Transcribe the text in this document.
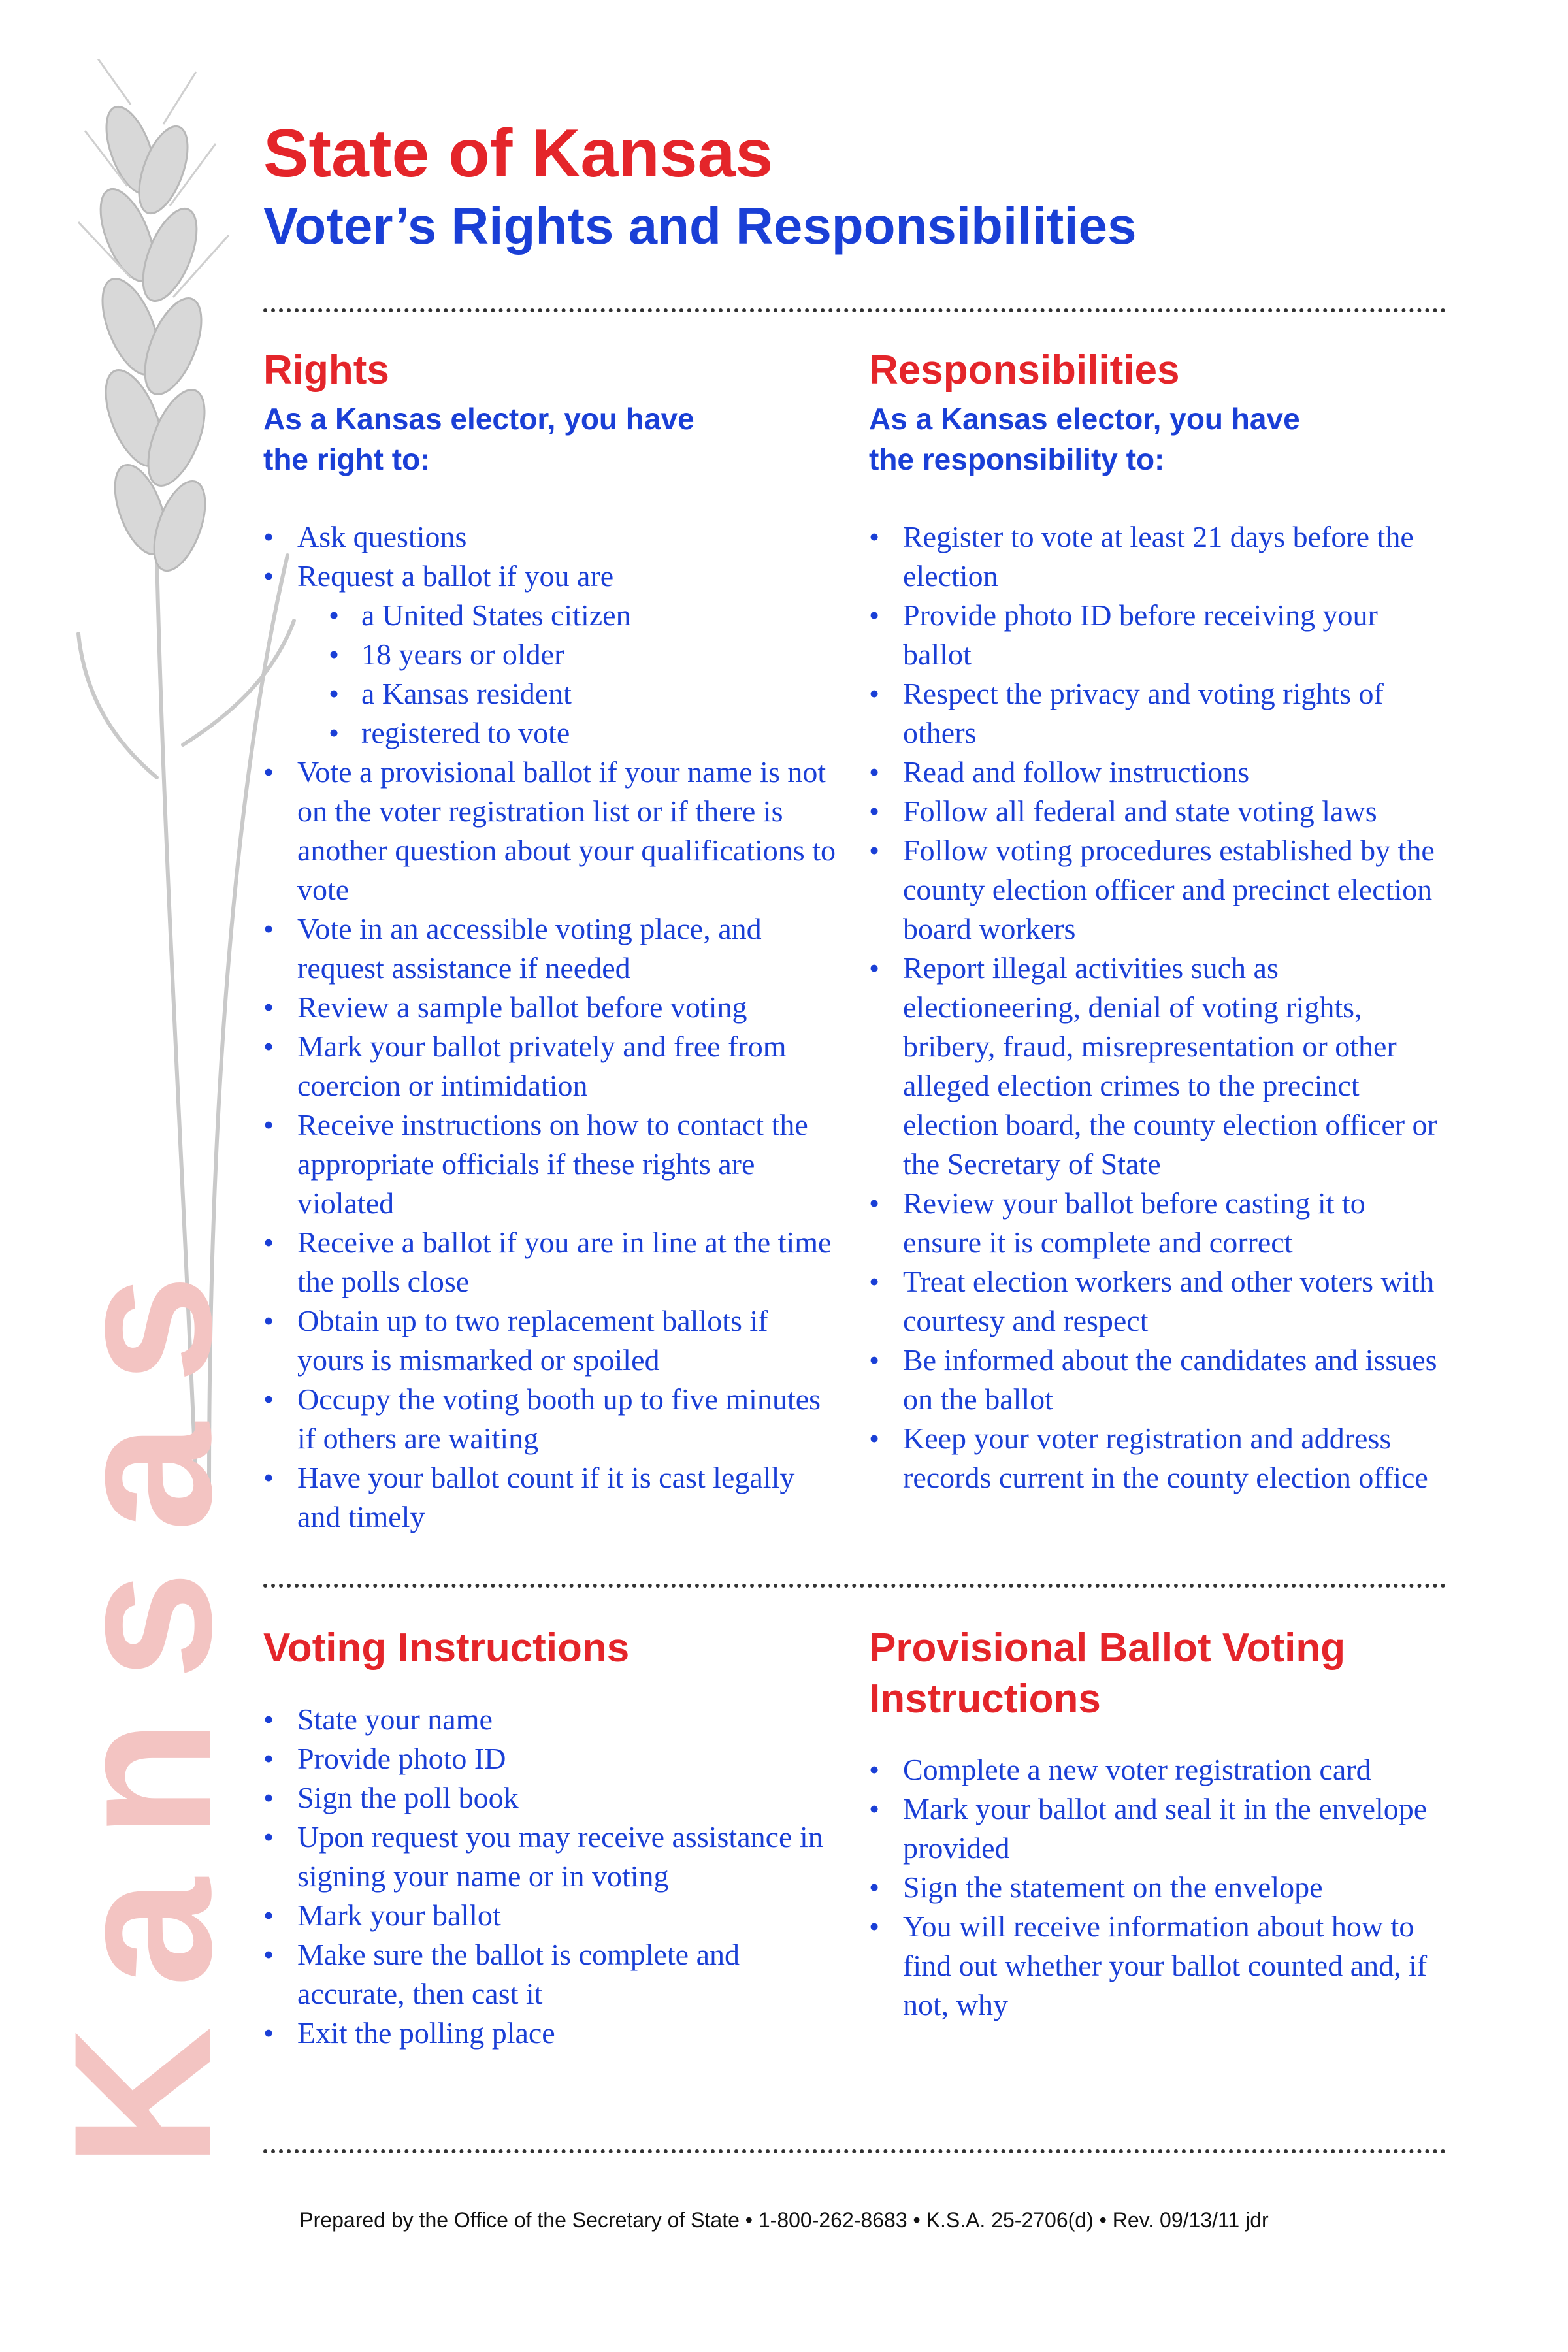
Kansas
State of Kansas
Voter’s Rights and Responsibilities
Rights
As a Kansas elector, you have
the right to:
• Ask questions
• Request a ballot if you are
• a United States citizen
• 18 years or older
• a Kansas resident
• registered to vote
• Vote a provisional ballot if your name is not on the voter registration list or if there is another question about your qualifications to vote
• Vote in an accessible voting place, and request assistance if needed
• Review a sample ballot before voting
• Mark your ballot privately and free from coercion or intimidation
• Receive instructions on how to contact the appropriate officials if these rights are violated
• Receive a ballot if you are in line at the time the polls close
• Obtain up to two replacement ballots if yours is mismarked or spoiled
• Occupy the voting booth up to five minutes if others are waiting
• Have your ballot count if it is cast legally and timely
Responsibilities
As a Kansas elector, you have
the responsibility to:
• Register to vote at least 21 days before the election
• Provide photo ID before receiving your ballot
• Respect the privacy and voting rights of others
• Read and follow instructions
• Follow all federal and state voting laws
• Follow voting procedures established by the county election officer and precinct election board workers
• Report illegal activities such as electioneering, denial of voting rights, bribery, fraud, misrepresentation or other alleged election crimes to the precinct election board, the county election officer or the Secretary of State
• Review your ballot before casting it to ensure it is complete and correct
• Treat election workers and other voters with courtesy and respect
• Be informed about the candidates and issues on the ballot
• Keep your voter registration and address records current in the county election office
Voting Instructions
• State your name
• Provide photo ID
• Sign the poll book
• Upon request you may receive assistance in signing your name or in voting
• Mark your ballot
• Make sure the ballot is complete and accurate, then cast it
• Exit the polling place
Provisional Ballot Voting
Instructions
• Complete a new voter registration card
• Mark your ballot and seal it in the envelope provided
• Sign the statement on the envelope
• You will receive information about how to find out whether your ballot counted and, if not, why
Prepared by the Office of the Secretary of State • 1-800-262-8683 • K.S.A. 25-2706(d) • Rev. 09/13/11 jdr
